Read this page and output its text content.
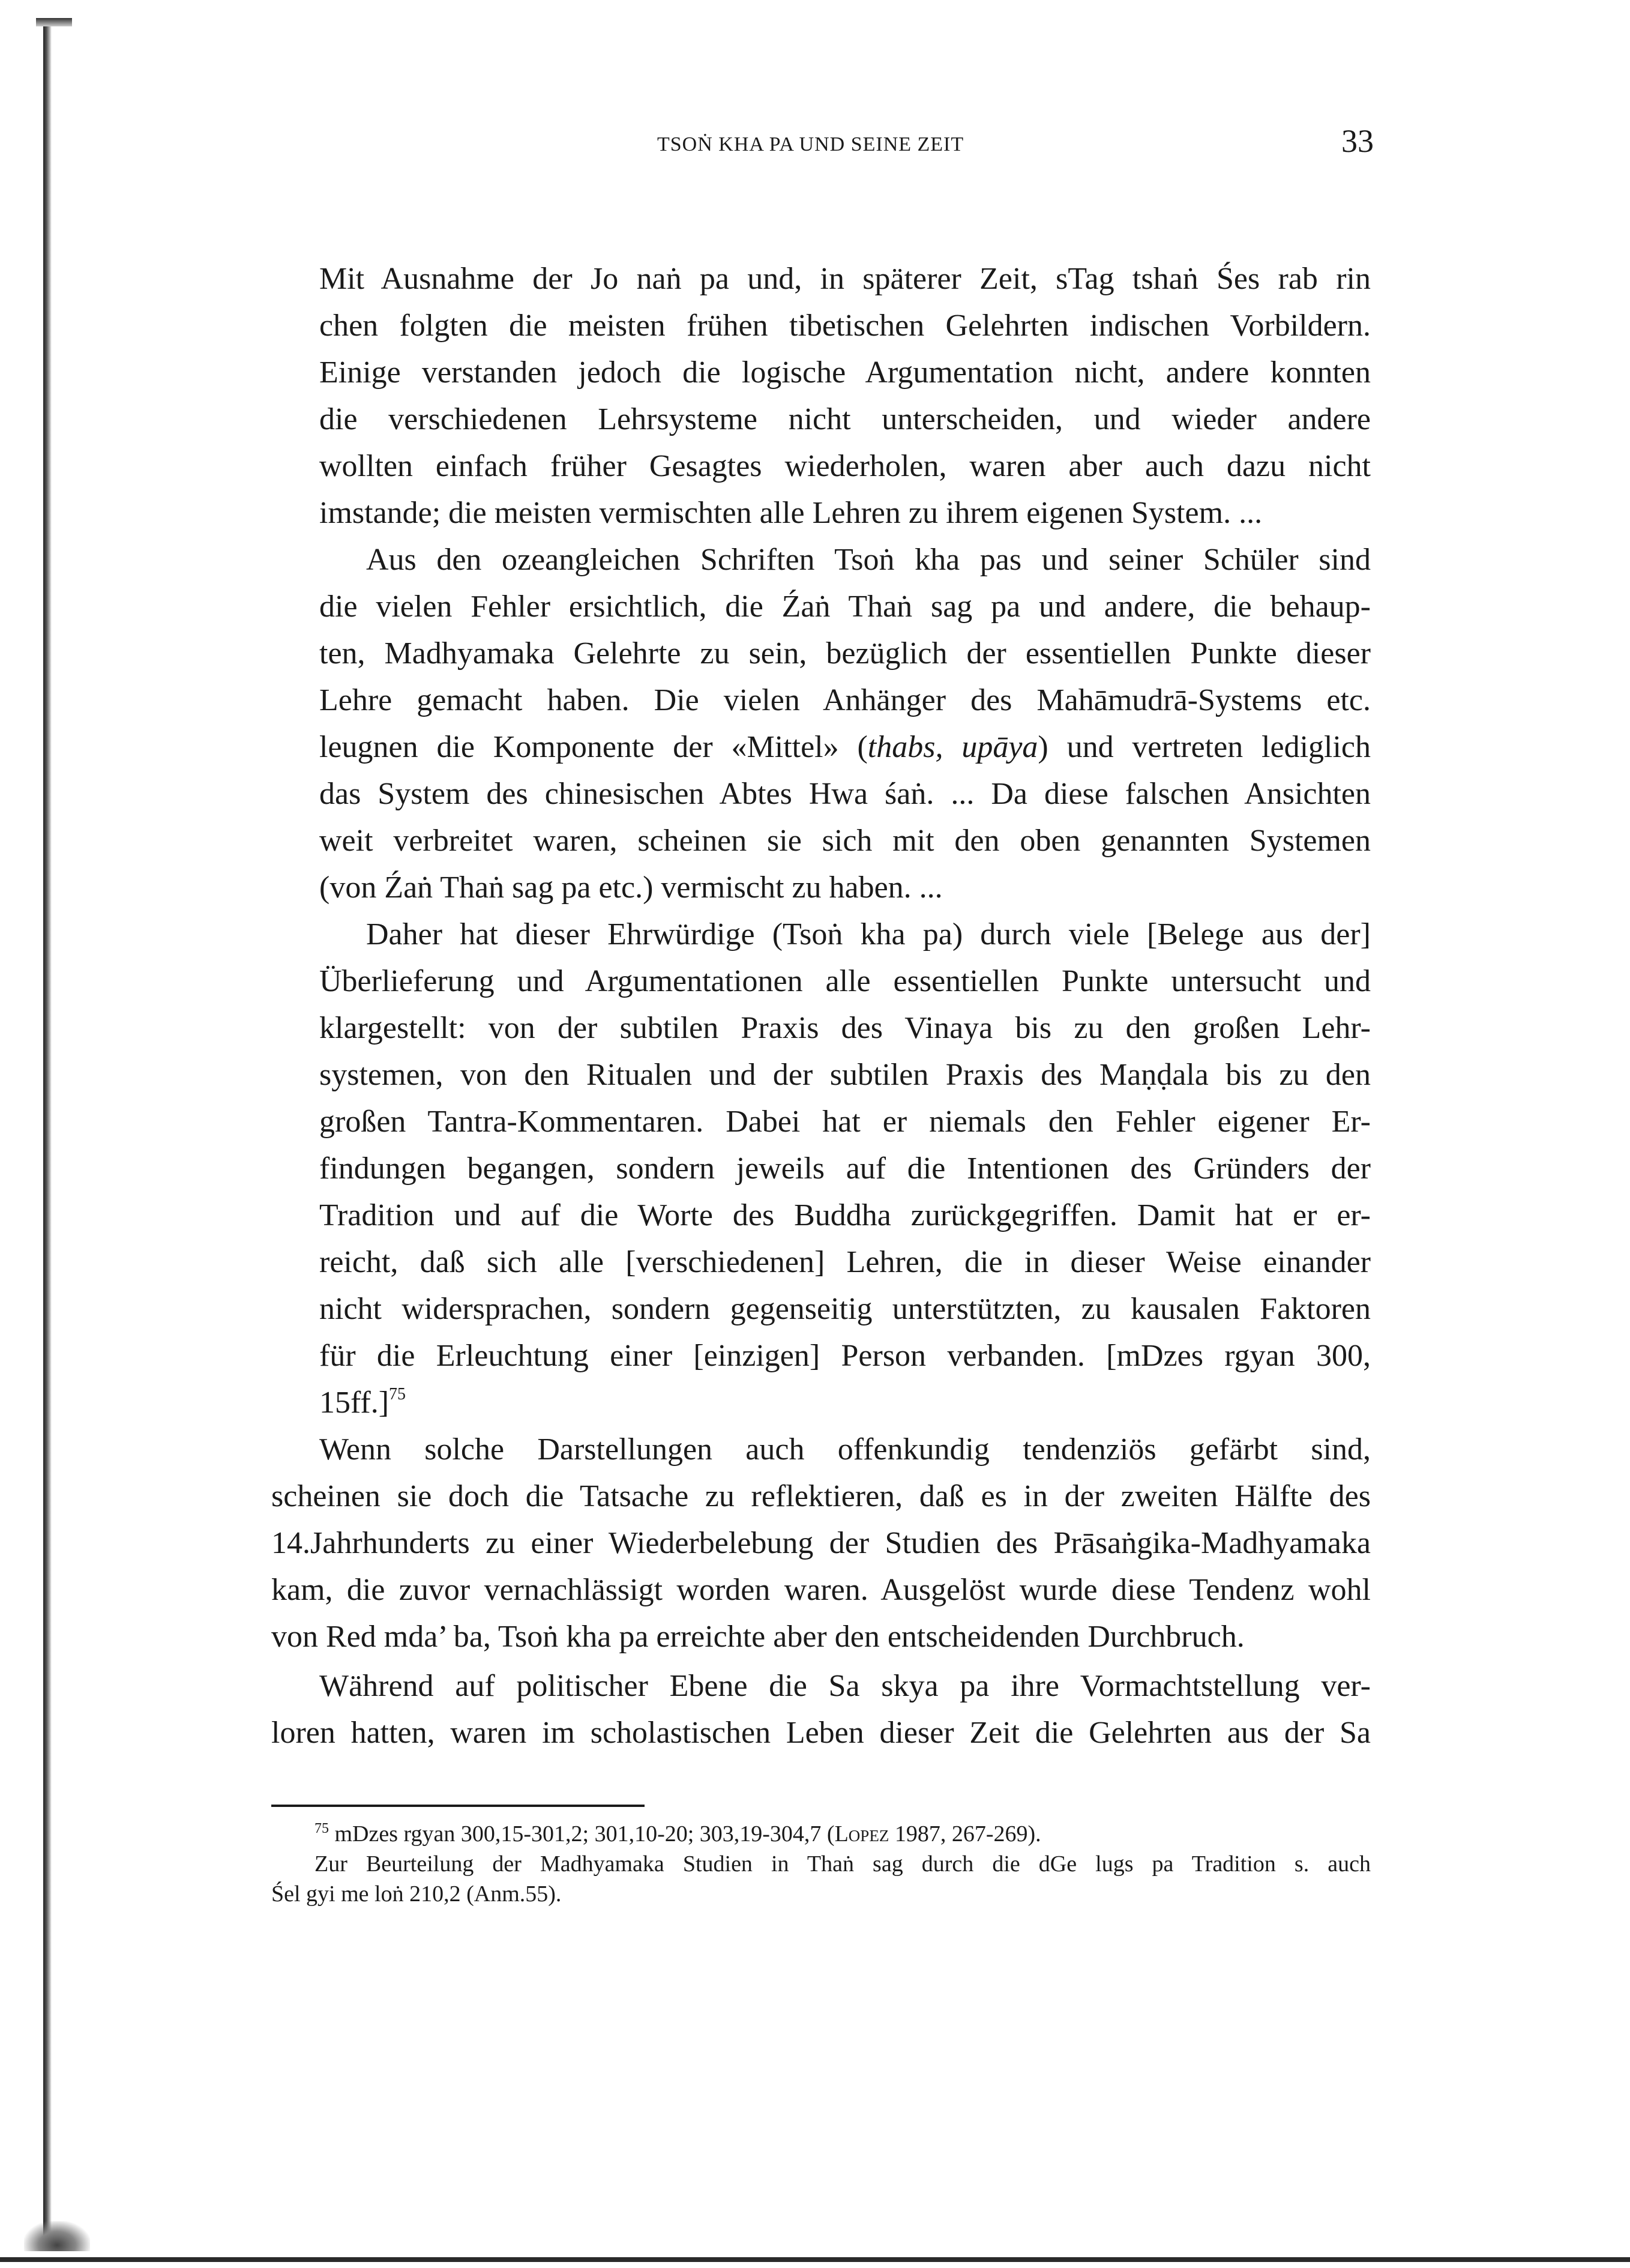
TSOṄ KHA PA UND SEINE ZEIT	33
Mit Ausnahme der Jo naṅ pa und, in späterer Zeit, sTag tshaṅ Śes rab rin
chen folgten die meisten frühen tibetischen Gelehrten indischen Vorbildern.
Einige verstanden jedoch die logische Argumentation nicht, andere konnten
die verschiedenen Lehrsysteme nicht unterscheiden, und wieder andere
wollten einfach früher Gesagtes wiederholen, waren aber auch dazu nicht
imstande; die meisten vermischten alle Lehren zu ihrem eigenen System. ...
Aus den ozeangleichen Schriften Tsoṅ kha pas und seiner Schüler sind
die vielen Fehler ersichtlich, die Źaṅ Thaṅ sag pa und andere, die behaup-
ten, Madhyamaka Gelehrte zu sein, bezüglich der essentiellen Punkte dieser
Lehre gemacht haben. Die vielen Anhänger des Mahāmudrā-Systems etc.
leugnen die Komponente der «Mittel» (thabs, upāya) und vertreten lediglich
das System des chinesischen Abtes Hwa śaṅ. ... Da diese falschen Ansichten
weit verbreitet waren, scheinen sie sich mit den oben genannten Systemen
(von Źaṅ Thaṅ sag pa etc.) vermischt zu haben. ...
Daher hat dieser Ehrwürdige (Tsoṅ kha pa) durch viele [Belege aus der]
Überlieferung und Argumentationen alle essentiellen Punkte untersucht und
klargestellt: von der subtilen Praxis des Vinaya bis zu den großen Lehr-
systemen, von den Ritualen und der subtilen Praxis des Maṇḍala bis zu den
großen Tantra-Kommentaren. Dabei hat er niemals den Fehler eigener Er-
findungen begangen, sondern jeweils auf die Intentionen des Gründers der
Tradition und auf die Worte des Buddha zurückgegriffen. Damit hat er er-
reicht, daß sich alle [verschiedenen] Lehren, die in dieser Weise einander
nicht widersprachen, sondern gegenseitig unterstützten, zu kausalen Faktoren
für die Erleuchtung einer [einzigen] Person verbanden. [mDzes rgyan 300,
15ff.]$^{75}$
Wenn solche Darstellungen auch offenkundig tendenziös gefärbt sind,
scheinen sie doch die Tatsache zu reflektieren, daß es in der zweiten Hälfte des
14.Jahrhunderts zu einer Wiederbelebung der Studien des Prāsaṅgika-Madhyamaka
kam, die zuvor vernachlässigt worden waren. Ausgelöst wurde diese Tendenz wohl
von Red mda’ ba, Tsoṅ kha pa erreichte aber den entscheidenden Durchbruch.
Während auf politischer Ebene die Sa skya pa ihre Vormachtstellung ver-
loren hatten, waren im scholastischen Leben dieser Zeit die Gelehrten aus der Sa
$^{75}$ mDzes rgyan 300,15-301,2; 301,10-20; 303,19-304,7 (Lopez 1987, 267-269).
Zur Beurteilung der Madhyamaka Studien in Thaṅ sag durch die dGe lugs pa Tradition s. auch
Śel gyi me loṅ 210,2 (Anm.55).
